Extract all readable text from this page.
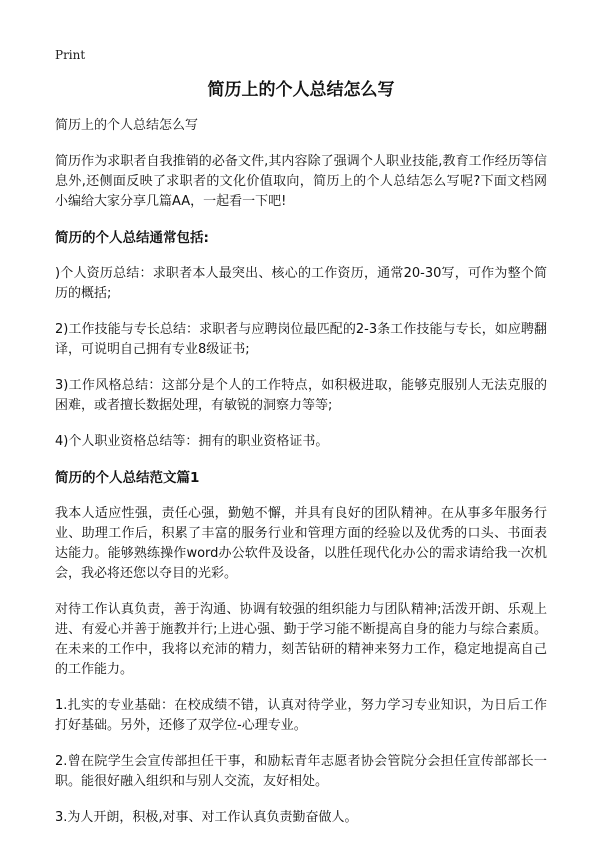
Print
简历上的个人总结怎么写
简历上的个人总结怎么写

简历作为求职者自我推销的必备文件,其内容除了强调个人职业技能,教育工作经历等信息外,还侧面反映了求职者的文化价值取向，简历上的个人总结怎么写呢?下面文档网小编给大家分享几篇AA，一起看一下吧!

简历的个人总结通常包括:

)个人资历总结：求职者本人最突出、核心的工作资历，通常20-30写，可作为整个简历的概括;

2)工作技能与专长总结：求职者与应聘岗位最匹配的2-3条工作技能与专长，如应聘翻译，可说明自己拥有专业8级证书;

3)工作风格总结：这部分是个人的工作特点，如积极进取，能够克服别人无法克服的困难，或者擅长数据处理，有敏锐的洞察力等等;

4)个人职业资格总结等：拥有的职业资格证书。

简历的个人总结范文篇1

我本人适应性强，责任心强，勤勉不懈，并具有良好的团队精神。在从事多年服务行业、助理工作后，积累了丰富的服务行业和管理方面的经验以及优秀的口头、书面表达能力。能够熟练操作word办公软件及设备，以胜任现代化办公的需求请给我一次机会，我必将还您以夺目的光彩。

对待工作认真负责，善于沟通、协调有较强的组织能力与团队精神;活泼开朗、乐观上进、有爱心并善于施教并行;上进心强、勤于学习能不断提高自身的能力与综合素质。在未来的工作中，我将以充沛的精力，刻苦钻研的精神来努力工作，稳定地提高自己的工作能力。

1.扎实的专业基础：在校成绩不错，认真对待学业，努力学习专业知识，为日后工作打好基础。另外，还修了双学位-心理专业。

2.曾在院学生会宣传部担任干事，和励耘青年志愿者协会管院分会担任宣传部部长一职。能很好融入组织和与别人交流，友好相处。

3.为人开朗，积极,对事、对工作认真负责勤奋做人。
